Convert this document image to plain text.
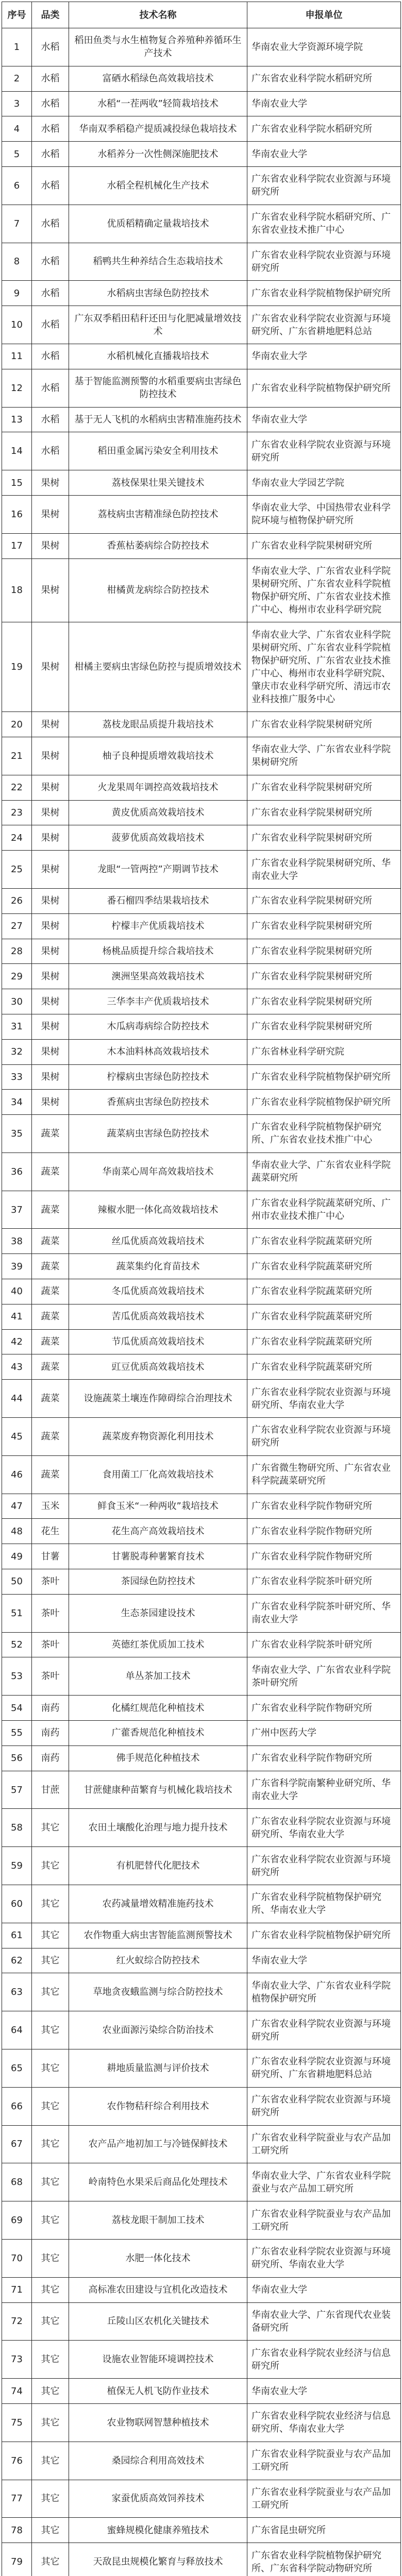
序号	品类	技术名称	申报单位
1	水稻	稻田鱼类与水生植物复合养殖种养循环生产技术	华南农业大学资源环境学院
2	水稻	富硒水稻绿色高效栽培技术	广东省农业科学院水稻研究所
3	水稻	水稻“一茬两收”轻简栽培技术	华南农业大学
4	水稻	华南双季稻稳产提质减投绿色栽培技术	广东省农业科学院水稻研究所
5	水稻	水稻养分一次性侧深施肥技术	华南农业大学
6	水稻	水稻全程机械化生产技术	广东省农业科学院农业资源与环境研究所
7	水稻	优质稻精确定量栽培技术	广东省农业科学院水稻研究所、广东省农业技术推广中心
8	水稻	稻鸭共生种养结合生态栽培技术	广东省农业科学院农业资源与环境研究所
9	水稻	水稻病虫害绿色防控技术	广东省农业科学院植物保护研究所
10	水稻	广东双季稻田秸秆还田与化肥减量增效技术	广东省农业科学院农业资源与环境研究所、广东省耕地肥料总站
11	水稻	水稻机械化直播栽培技术	华南农业大学
12	水稻	基于智能监测预警的水稻重要病虫害绿色防控技术	广东省农业科学院植物保护研究所
13	水稻	基于无人飞机的水稻病虫害精准施药技术	华南农业大学
14	水稻	稻田重金属污染安全利用技术	广东省农业科学院农业资源与环境研究所
15	果树	荔枝保果壮果关键技术	华南农业大学园艺学院
16	果树	荔枝病虫害精准绿色防控技术	华南农业大学、中国热带农业科学院环境与植物保护研究所
17	果树	香蕉枯萎病综合防控技术	广东省农业科学院果树研究所
18	果树	柑橘黄龙病综合防控技术	华南农业大学、广东省农业科学院果树研究所、广东省农业科学院植物保护研究所、广东省农业技术推广中心、梅州市农业科学研究院
19	果树	柑橘主要病虫害绿色防控与提质增效技术	华南农业大学、广东省农业科学院果树研究所、广东省农业科学院植物保护研究所、广东省农业技术推广中心、梅州市农业科学研究院、肇庆市农业科学研究所、清远市农业科技推广服务中心
20	果树	荔枝龙眼品质提升栽培技术	广东省农业科学院果树研究所
21	果树	柚子良种提质增效栽培技术	华南农业大学、广东省农业科学院果树研究所
22	果树	火龙果周年调控高效栽培技术	广东省农业科学院果树研究所
23	果树	黄皮优质高效栽培技术	广东省农业科学院果树研究所
24	果树	菠萝优质高效栽培技术	广东省农业科学院果树研究所
25	果树	龙眼“一管两控”产期调节技术	广东省农业科学院果树研究所、华南农业大学
26	果树	番石榴四季结果栽培技术	广东省农业科学院果树研究所
27	果树	柠檬丰产优质栽培技术	广东省农业科学院果树研究所
28	果树	杨桃品质提升综合栽培技术	广东省农业科学院果树研究所
29	果树	澳洲坚果高效栽培技术	广东省农业科学院果树研究所
30	果树	三华李丰产优质栽培技术	广东省农业科学院果树研究所
31	果树	木瓜病毒病综合防控技术	广东省农业科学院果树研究所
32	果树	木本油料林高效栽培技术	广东省林业科学研究院
33	果树	柠檬病虫害绿色防控技术	广东省农业科学院植物保护研究所
34	果树	香蕉病虫害绿色防控技术	广东省农业科学院植物保护研究所
35	蔬菜	蔬菜病虫害绿色防控技术	广东省农业科学院植物保护研究所、广东省农业技术推广中心
36	蔬菜	华南菜心周年高效栽培技术	华南农业大学、广东省农业科学院蔬菜研究所
37	蔬菜	辣椒水肥一体化高效栽培技术	广东省农业科学院蔬菜研究所、广州市农业技术推广中心
38	蔬菜	丝瓜优质高效栽培技术	广东省农业科学院蔬菜研究所
39	蔬菜	蔬菜集约化育苗技术	广东省农业科学院蔬菜研究所
40	蔬菜	冬瓜优质高效栽培技术	广东省农业科学院蔬菜研究所
41	蔬菜	苦瓜优质高效栽培技术	广东省农业科学院蔬菜研究所
42	蔬菜	节瓜优质高效栽培技术	广东省农业科学院蔬菜研究所
43	蔬菜	豇豆优质高效栽培技术	广东省农业科学院蔬菜研究所
44	蔬菜	设施蔬菜土壤连作障碍综合治理技术	广东省农业科学院农业资源与环境研究所、华南农业大学
45	蔬菜	蔬菜废弃物资源化利用技术	广东省农业科学院农业资源与环境研究所
46	蔬菜	食用菌工厂化高效栽培技术	广东省微生物研究所、广东省农业科学院蔬菜研究所
47	玉米	鲜食玉米“一种两收”栽培技术	广东省农业科学院作物研究所
48	花生	花生高产高效栽培技术	广东省农业科学院作物研究所
49	甘薯	甘薯脱毒种薯繁育技术	广东省农业科学院作物研究所
50	茶叶	茶园绿色防控技术	广东省农业科学院茶叶研究所
51	茶叶	生态茶园建设技术	广东省农业科学院茶叶研究所、华南农业大学
52	茶叶	英德红茶优质加工技术	广东省农业科学院茶叶研究所
53	茶叶	单丛茶加工技术	华南农业大学、广东省农业科学院茶叶研究所
54	南药	化橘红规范化种植技术	广东省农业科学院作物研究所
55	南药	广藿香规范化种植技术	广州中医药大学
56	南药	佛手规范化种植技术	广东省农业科学院作物研究所
57	甘蔗	甘蔗健康种苗繁育与机械化栽培技术	广东省科学院南繁种业研究所、华南农业大学
58	其它	农田土壤酸化治理与地力提升技术	广东省农业科学院农业资源与环境研究所、华南农业大学
59	其它	有机肥替代化肥技术	广东省农业科学院农业资源与环境研究所
60	其它	农药减量增效精准施药技术	广东省农业科学院植物保护研究所、华南农业大学
61	其它	农作物重大病虫害智能监测预警技术	广东省农业科学院植物保护研究所
62	其它	红火蚁综合防控技术	华南农业大学
63	其它	草地贪夜蛾监测与综合防控技术	华南农业大学、广东省农业科学院植物保护研究所
64	其它	农业面源污染综合防治技术	广东省农业科学院农业资源与环境研究所
65	其它	耕地质量监测与评价技术	广东省农业科学院农业资源与环境研究所、广东省耕地肥料总站
66	其它	农作物秸秆综合利用技术	广东省农业科学院农业资源与环境研究所
67	其它	农产品产地初加工与冷链保鲜技术	广东省农业科学院蚕业与农产品加工研究所
68	其它	岭南特色水果采后商品化处理技术	华南农业大学、广东省农业科学院蚕业与农产品加工研究所
69	其它	荔枝龙眼干制加工技术	广东省农业科学院蚕业与农产品加工研究所
70	其它	水肥一体化技术	广东省农业科学院农业资源与环境研究所、华南农业大学
71	其它	高标准农田建设与宜机化改造技术	华南农业大学
72	其它	丘陵山区农机化关键技术	华南农业大学、广东省现代农业装备研究所
73	其它	设施农业智能环境调控技术	广东省农业科学院农业经济与信息研究所
74	其它	植保无人机飞防作业技术	华南农业大学
75	其它	农业物联网智慧种植技术	广东省农业科学院农业经济与信息研究所、华南农业大学
76	其它	桑园综合利用高效技术	广东省农业科学院蚕业与农产品加工研究所
77	其它	家蚕优质高效饲养技术	广东省农业科学院蚕业与农产品加工研究所
78	其它	蜜蜂规模化健康养殖技术	广东省昆虫研究所
79	其它	天敌昆虫规模化繁育与释放技术	广东省农业科学院植物保护研究所、广东省科学院动物研究所
